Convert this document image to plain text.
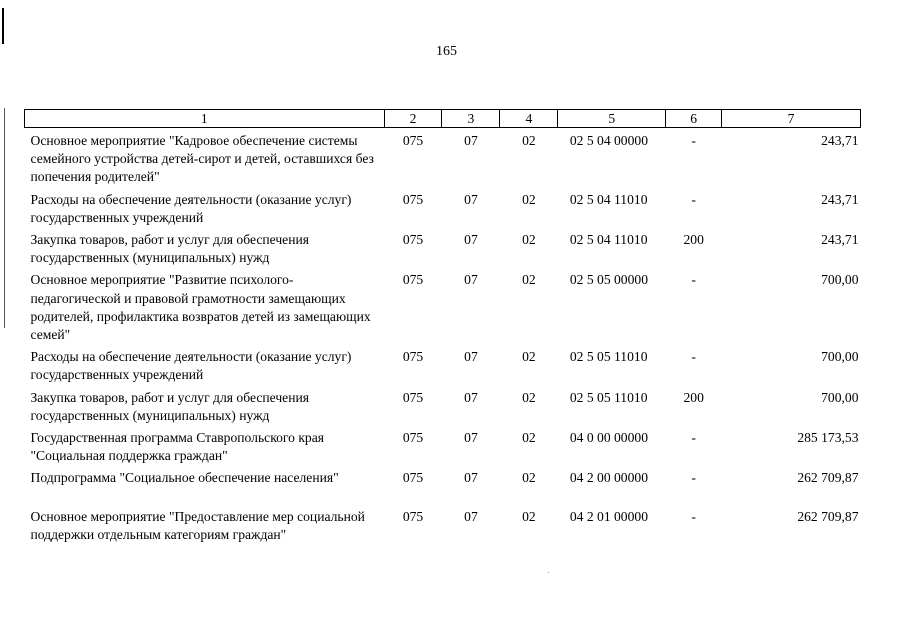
165
1	2	3	4	5	6	7
Основное мероприятие "Кадровое обеспечение системы семейного устройства детей-сирот и детей, оставшихся без попечения родителей"	075	07	02	02 5 04 00000	-	243,71
Расходы на обеспечение деятельности (оказание услуг) государственных учреждений	075	07	02	02 5 04 11010	-	243,71
Закупка товаров, работ и услуг для обеспечения государственных (муниципальных) нужд	075	07	02	02 5 04 11010	200	243,71
Основное мероприятие "Развитие психолого-педагогической и правовой грамотности замещающих родителей, профилактика возвратов детей из замещающих семей"	075	07	02	02 5 05 00000	-	700,00
Расходы на обеспечение деятельности (оказание услуг) государственных учреждений	075	07	02	02 5 05 11010	-	700,00
Закупка товаров, работ и услуг для обеспечения государственных (муниципальных) нужд	075	07	02	02 5 05 11010	200	700,00
Государственная программа Ставропольского края "Социальная поддержка граждан"	075	07	02	04 0 00 00000	-	285 173,53
Подпрограмма "Социальное обеспечение населения"	075	07	02	04 2 00 00000	-	262 709,87
Основное мероприятие "Предоставление мер социальной поддержки отдельным категориям граждан"	075	07	02	04 2 01 00000	-	262 709,87
